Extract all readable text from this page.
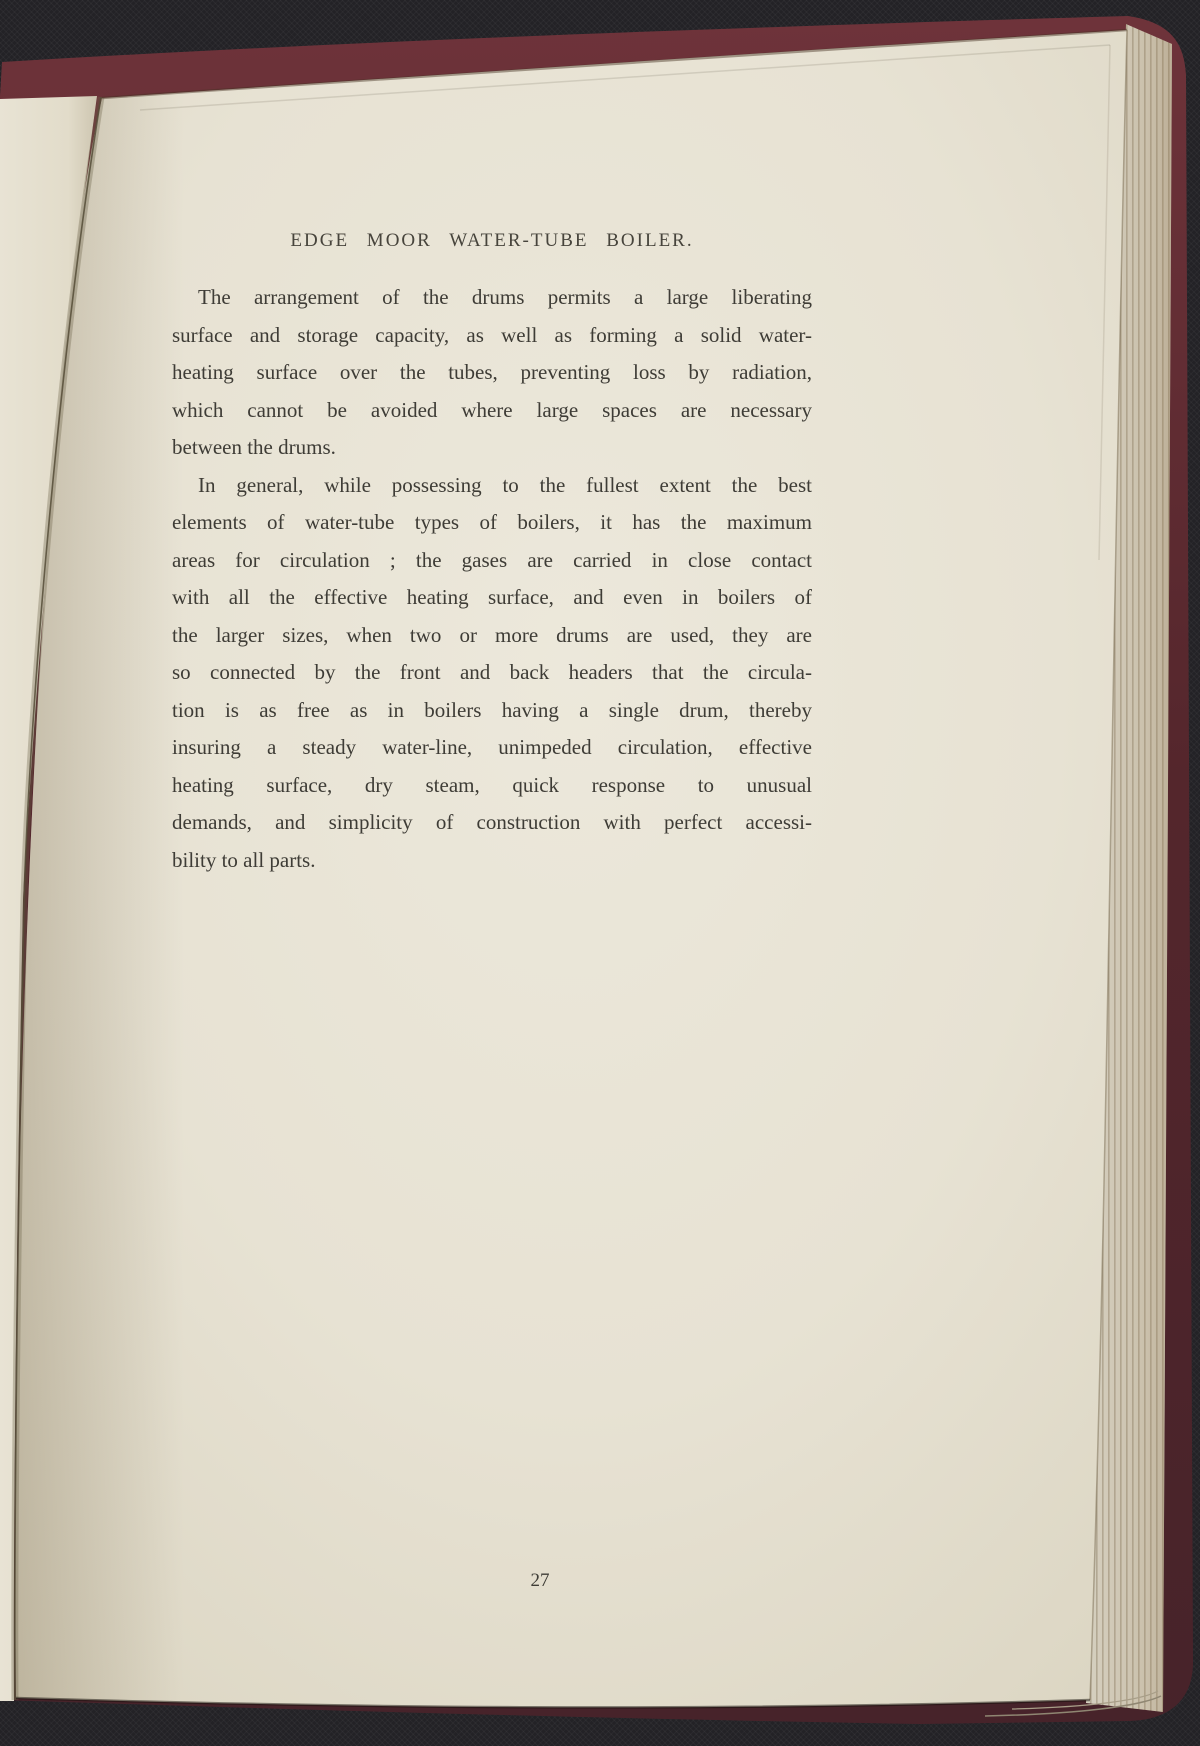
EDGE MOOR WATER-TUBE BOILER.
The arrangement of the drums permits a large liberating
surface and storage capacity, as well as forming a solid water-
heating surface over the tubes, preventing loss by radiation,
which cannot be avoided where large spaces are necessary
between the drums.
In general, while possessing to the fullest extent the best
elements of water-tube types of boilers, it has the maximum
areas for circulation ; the gases are carried in close contact
with all the effective heating surface, and even in boilers of
the larger sizes, when two or more drums are used, they are
so connected by the front and back headers that the circula-
tion is as free as in boilers having a single drum, thereby
insuring a steady water-line, unimpeded circulation, effective
heating surface, dry steam, quick response to unusual
demands, and simplicity of construction with perfect accessi-
bility to all parts.
27
